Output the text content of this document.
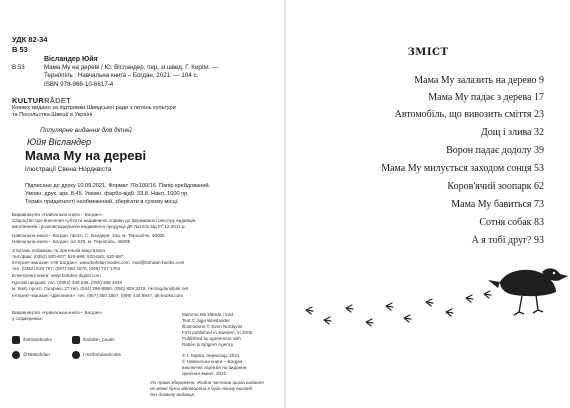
УДК 82-34
В 53
Вісландер Юйя
В 53	Мама Му на дереві / Ю. Вісландер, пер. зі швед. Г. Кирпи. —
Тернопіль : Навчальна книга – Богдан, 2021. — 104 с.
ISBN 978-966-10-6617-4
KULTURRÅDET
Книжку видано за підтримки Шведської ради з питань культури
та Посольства Швеції в Україні
Популярне видання для дітей
Юйя Вісландер
Мама Му на дереві
Ілюстрації Свена Нордквіста
Підписано до друку 10.09.2021. Формат 70х100/16. Папір крейдований.
Умовн. друк. арк. 8,45. Умовн. фарбо-відб. 33,8. Накл. 1000 пр.
Термін придатності необмежений, зберігати в сухому місці.
Видавництво «Навчальна книга – Богдан»
Свідоцтво про внесення суб'єкта видавничої справи до Державного реєстру видавців,
виготівників і розповсюджувачів видавничої продукції ДК №4221 від 07.12.2011 р.
Навчальна книга – Богдан, просп. С. Бандери, 34а, м. Тернопіль, 46008
Навчальна книга – Богдан, а/с 529, м. Тернопіль, 46008
З питань побажань та претензій звертатися:
тел./факс (0352) 520-607; 520-686; 520-645; 520-687
Інтернет-магазин «НК Богдан»: www.bohdan-books.com, mail@bohdan-books.com
тел. (0352) 519 797, (067) 350 1870, (066) 727 1762
Електронні книги: www.bohdan-digital.com
Гуртові продажі: тел. (0352) 435 046, (050) 338 4520
м. Київ, просп. Гагаріна, 27 тел. (044) 296-8956, (050) 808 3219, nk-bogdan@ukr.net
Інтернет-магазин «Дім книги»: тел. (067) 350 1867, (099) 434 9947, dk-books.com
Видавництво «Навчальна книга – Богдан»
у соцмережах:
/bohdanbooks	/bohdan_books
@NKBohdan	t.me/bohdanbooks
Mamma Mu klättrar i träd
Text © Jujja Wieslander
Illustrations © Sven Nordqvist
First published in Sweden, in 2005.
Published by agreement with
Rabén & Sjögren Agency.
© Г. Кирпа, переклад, 2021
© Навчальна книга – Богдан,
виключна ліцензія на видання,
оригінал-макет, 2021
Усі права збережено. Жодна частина цього видання
не може бути відтворена в будь-якому вигляді
без дозволу видавця.
ЗМІСТ
Мама Му залазить на дерево 9
Мама Му падає з дерева 17
Автомобіль, що вивозить сміття 23
Дощ і злива 32
Ворон падає додолу 39
Мама Му милується заходом сонця 53
Коров'ячий зоопарк 62
Мама Му бавиться 73
Сотня собак 83
А я тобі друг? 93
